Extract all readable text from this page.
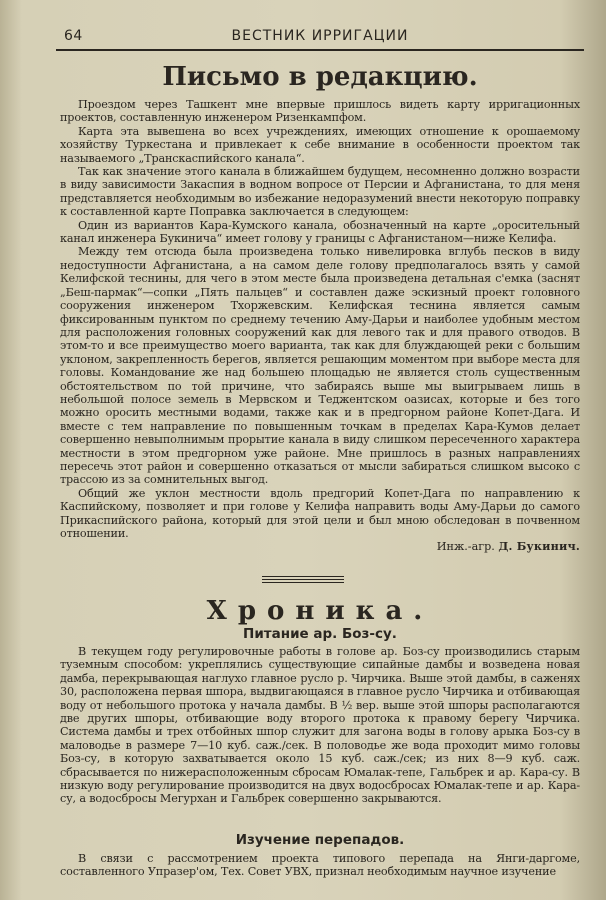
64	ВЕСТНИК ИРРИГАЦИИ
Письмо в редакцию.

Проездом через Ташкент мне впервые пришлось видеть карту ирригационных проектов, составленную инженером Ризенкампфом.

Карта эта вывешена во всех учреждениях, имеющих отношение к орошаемому хозяйству Туркестана и привлекает к себе внимание в особенности проектом так называемого „Транскаспийского канала“.

Так как значение этого канала в ближайшем будущем, несомненно должно возрасти в виду зависимости Закаспия в водном вопросе от Персии и Афганистана, то для меня представляется необходимым во избежание недоразумений внести некоторую поправку к составленной карте Поправка заключается в следующем:

Один из вариантов Кара-Кумского канала, обозначенный на карте „оросительный канал инженера Букинича“ имеет голову у границы с Афганистаном—ниже Келифа.

Между тем отсюда была произведена только нивелировка вглубь песков в виду недоступности Афганистана, а на самом деле голову предполагалось взять у самой Келифской теснины, для чего в этом месте была произведена детальная с'емка (заснят „Беш-пармак“—сопки „Пять пальцев“ и составлен даже эскизный проект головного сооружения инженером Тхоржевским. Келифская теснина является самым фиксированным пунктом по среднему течению Аму-Дарьи и наиболее удобным местом для расположения головных сооружений как для левого так и для правого отводов. В этом-то и все преимущество моего варианта, так как для блуждающей реки с большим уклоном, закрепленность берегов, является решающим моментом при выборе места для головы. Командование же над большею площадью не является столь существенным обстоятельством по той причине, что забираясь выше мы выигрываем лишь в небольшой полосе земель в Мервском и Теджентском оазисах, которые и без того можно оросить местными водами, также как и в предгорном районе Копет-Дага. И вместе с тем направление по повышенным точкам в пределах Кара-Кумов делает совершенно невыполнимым прорытие канала в виду слишком пересеченного характера местности в этом предгорном уже районе. Мне пришлось в разных направлениях пересечь этот район и совершенно отказаться от мысли забираться слишком высоко с трассою из за сомнительных выгод.

Общий же уклон местности вдоль предгорий Копет-Дага по направлению к Каспийскому, позволяет и при голове у Келифа направить воды Аму-Дарьи до самого Прикаспийского района, который для этой цели и был мною обследован в почвенном отношении.

Инж.-агр. Д. Букинич.
Хроника.
Питание ар. Боз-су.

В текущем году регулировочные работы в голове ар. Боз-су производились старым туземным способом: укреплялись существующие сипайные дамбы и возведена новая дамба, перекрывающая наглухо главное русло р. Чирчика. Выше этой дамбы, в саженях 30, расположена первая шпора, выдвигающаяся в главное русло Чирчика и отбивающая воду от небольшого протока у начала дамбы. В ½ вер. выше этой шпоры располагаются две других шпоры, отбивающие воду второго протока к правому берегу Чирчика. Система дамбы и трех отбойных шпор служит для загона воды в голову арыка Боз-су в маловодье в размере 7—10 куб. саж./сек. В половодье же вода проходит мимо головы Боз-су, в которую захватывается около 15 куб. саж./сек; из них 8—9 куб. саж. сбрасывается по нижерасположенным сбросам Юмалак-тепе, Гальбрек и ар. Кара-су. В низкую воду регулирование производится на двух водосбросах Юмалак-тепе и ар. Кара-су, а водосбросы Мегурхан и Гальбрек совершенно закрываются.

Изучение перепадов.

В связи с рассмотрением проекта типового перепада на Янги-даргоме, составленного Упразер'ом, Тех. Совет УВХ, признал необходимым научное изучение
